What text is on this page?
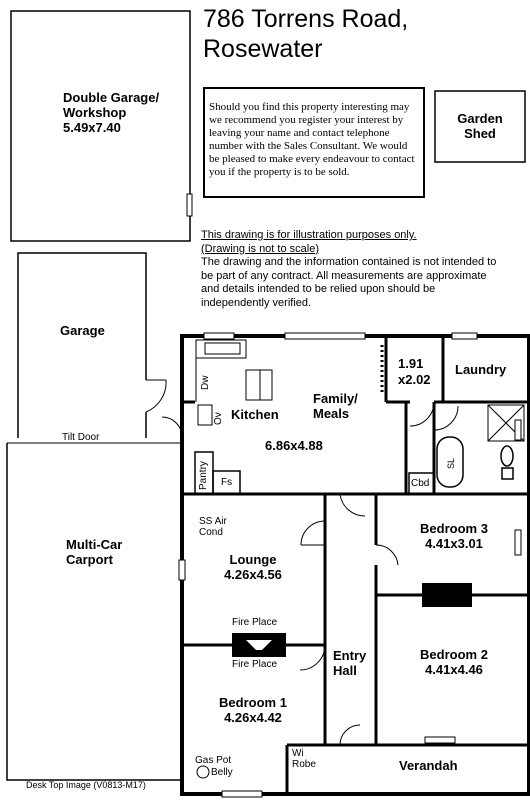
786 Torrens Road,
Rosewater
Should you find this property interesting may we recommend you register your interest by leaving your name and contact telephone number with the Sales Consultant. We would be pleased to make every endeavour to contact you if the property is to be sold.
This drawing is for illustration purposes only.
(Drawing is not to scale)
The drawing and the information contained is not intended to be part of any contract. All measurements are approximate and details intended to be relied upon should be independently verified.
Double Garage/ Workshop
5.49x7.40
Garden Shed
Garage
Tilt Door
Multi-Car Carport
Family/ Meals
Kitchen
6.86x4.88
1.91
x2.02
Laundry
Bedroom 3
4.41x3.01
Bedroom 2
4.41x4.46
Lounge
4.26x4.56
Bedroom 1
4.26x4.42
Entry Hall
Verandah
Wi Robe
Dw
Ov
Pantry Fs	Cbd
SL
SS Air Cond
Fire Place
Fire Place
Gas Pot
Belly
Desk Top Image (V0813-M17)
